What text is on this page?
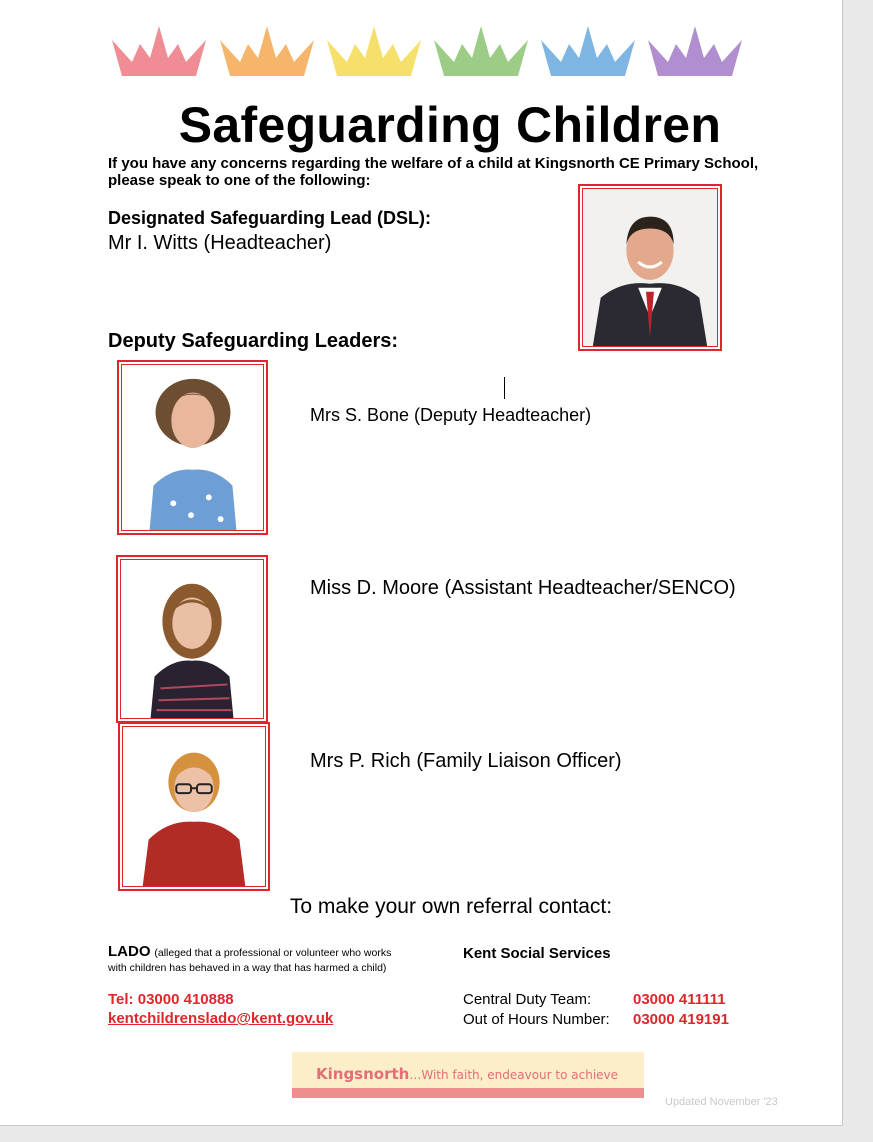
Safeguarding Children
If you have any concerns regarding the welfare of a child at Kingsnorth CE Primary School, please speak to one of the following:
Designated Safeguarding Lead (DSL):
Mr I. Witts (Headteacher)
Deputy Safeguarding Leaders:
Mrs S. Bone (Deputy Headteacher)
Miss D. Moore (Assistant Headteacher/SENCO)
Mrs P. Rich (Family Liaison Officer)
To make your own referral contact:
LADO (alleged that a professional or volunteer who works with children has behaved in a way that has harmed a child)
Tel: 03000 410888
kentchildrenslado@kent.gov.uk
Kent Social Services
Central Duty Team:	03000 411111
Out of Hours Number: 03000 419191
Kingsnorth…With faith, endeavour to achieve
Updated November '23
